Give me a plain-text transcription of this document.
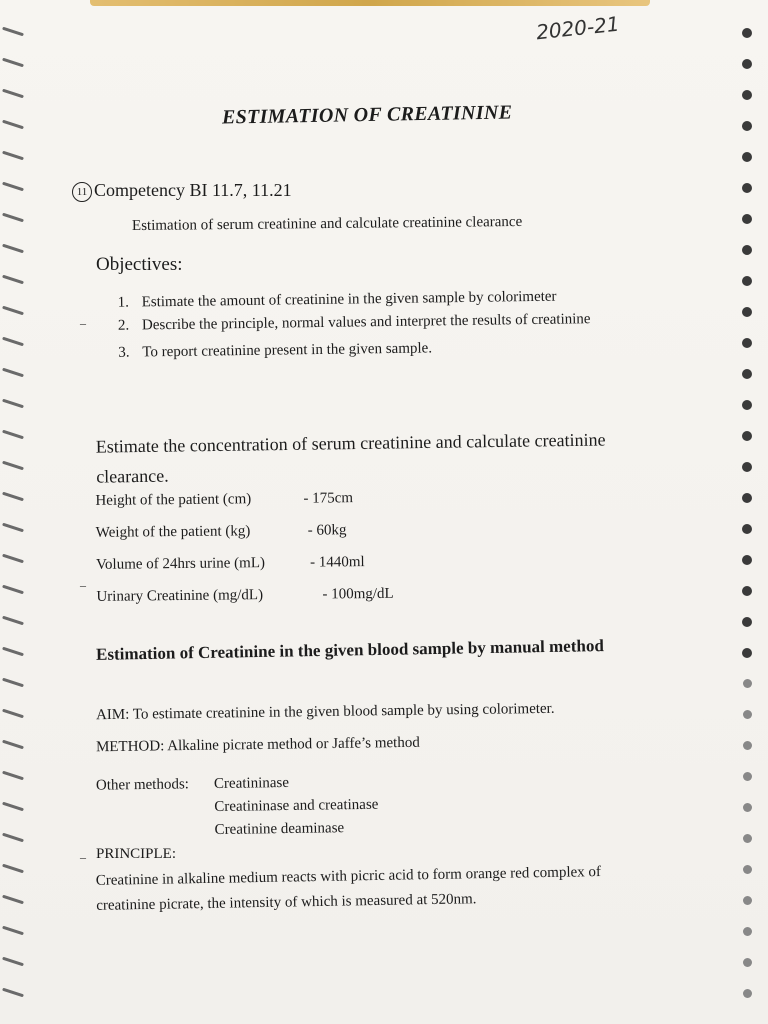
2020-21
ESTIMATION OF CREATININE
11 Competency BI 11.7, 11.21
Estimation of serum creatinine and calculate creatinine clearance
Objectives:
1. Estimate the amount of creatinine in the given sample by colorimeter
2. Describe the principle, normal values and interpret the results of creatinine
3. To report creatinine present in the given sample.
Estimate the concentration of serum creatinine and calculate creatinine clearance.
Height of the patient (cm)	- 175cm
Weight of the patient (kg)	- 60kg
Volume of 24hrs urine (mL)	- 1440ml
Urinary Creatinine (mg/dL)	- 100mg/dL
Estimation of Creatinine in the given blood sample by manual method
AIM: To estimate creatinine in the given blood sample by using colorimeter.
METHOD: Alkaline picrate method or Jaffe’s method
Other methods: Creatininase
Creatininase and creatinase
Creatinine deaminase
PRINCIPLE:
Creatinine in alkaline medium reacts with picric acid to form orange red complex of creatinine picrate, the intensity of which is measured at 520nm.
–
–
–
